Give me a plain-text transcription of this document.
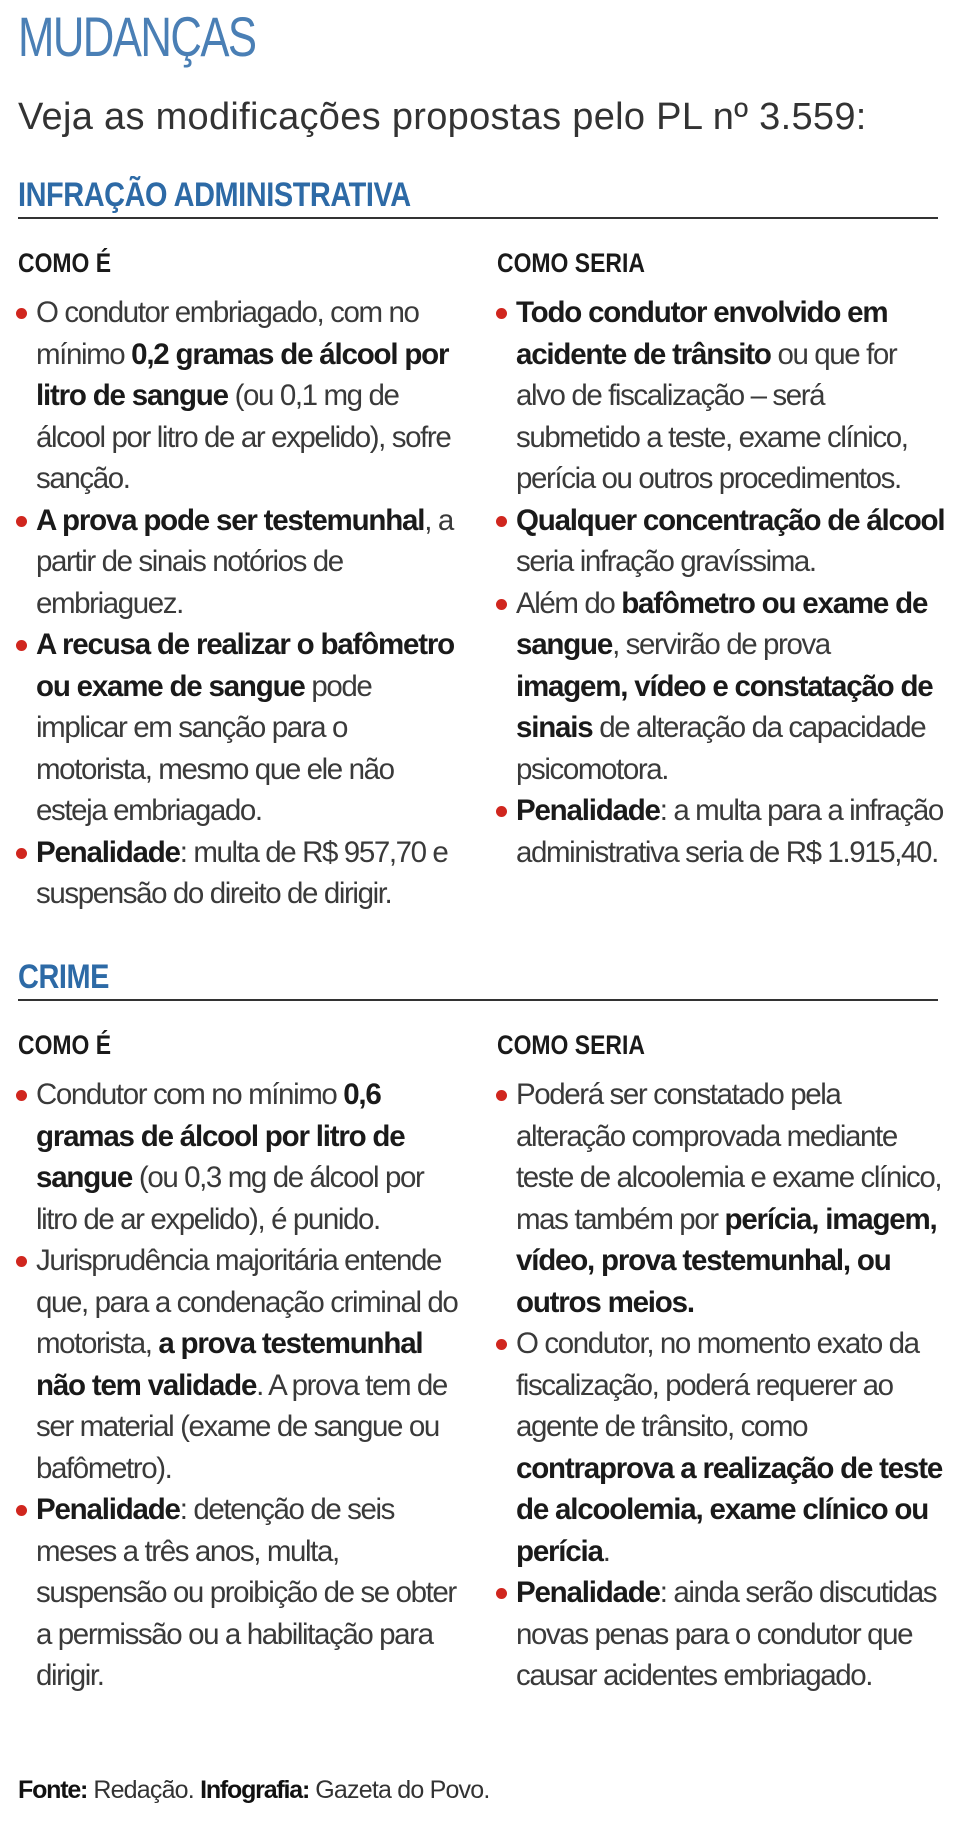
MUDANÇAS
Veja as modificações propostas pelo PL nº 3.559:
INFRAÇÃO ADMINISTRATIVA
COMO É	COMO SERIA

O condutor embriagado, com no mínimo 0,2 gramas de álcool por litro de sangue (ou 0,1 mg de álcool por litro de ar expelido), sofre sanção.

A prova pode ser testemunhal, a partir de sinais notórios de embriaguez.

A recusa de realizar o bafômetro ou exame de sangue pode implicar em sanção para o motorista, mesmo que ele não esteja embriagado.

Penalidade: multa de R$ 957,70 e suspensão do direito de dirigir.

Todo condutor envolvido em acidente de trânsito ou que for alvo de fiscalização – será submetido a teste, exame clínico, perícia ou outros procedimentos.

Qualquer concentração de álcool seria infração gravíssima.

Além do bafômetro ou exame de sangue, servirão de prova imagem, vídeo e constatação de sinais de alteração da capacidade psicomotora.

Penalidade: a multa para a infração administrativa seria de R$ 1.915,40.

CRIME
COMO É	COMO SERIA

Condutor com no mínimo 0,6 gramas de álcool por litro de sangue (ou 0,3 mg de álcool por litro de ar expelido), é punido.

Jurisprudência majoritária entende que, para a condenação criminal do motorista, a prova testemunhal não tem validade. A prova tem de ser material (exame de sangue ou bafômetro).

Penalidade: detenção de seis meses a três anos, multa, suspensão ou proibição de se obter a permissão ou a habilitação para dirigir.

Poderá ser constatado pela alteração comprovada mediante teste de alcoolemia e exame clínico, mas também por perícia, imagem, vídeo, prova testemunhal, ou outros meios.

O condutor, no momento exato da fiscalização, poderá requerer ao agente de trânsito, como contraprova a realização de teste de alcoolemia, exame clínico ou perícia.

Penalidade: ainda serão discutidas novas penas para o condutor que causar acidentes embriagado.

Fonte: Redação. Infografia: Gazeta do Povo.
